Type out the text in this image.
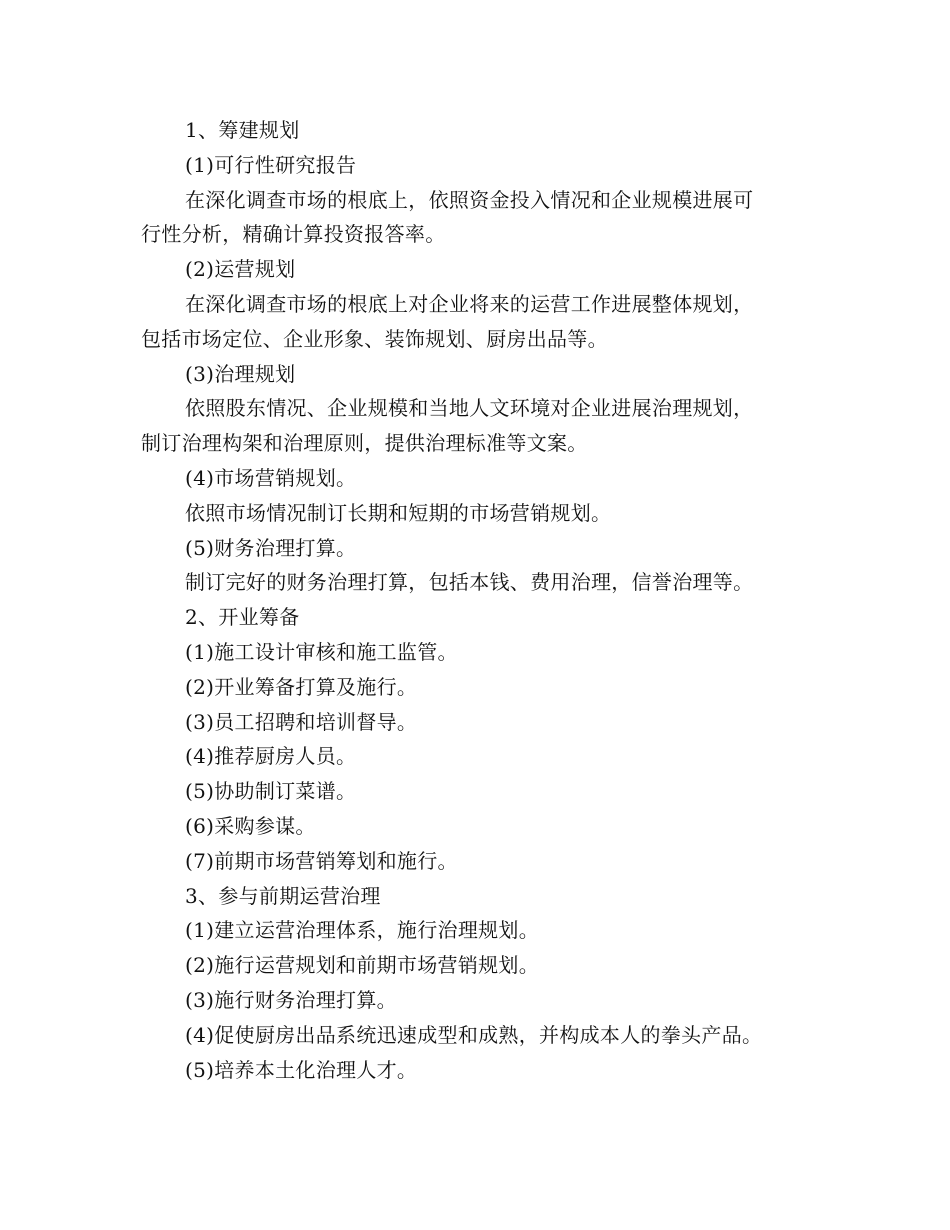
1、筹建规划
(1)可行性研究报告
在深化调查市场的根底上，依照资金投入情况和企业规模进展可
行性分析，精确计算投资报答率。
(2)运营规划
在深化调查市场的根底上对企业将来的运营工作进展整体规划，
包括市场定位、企业形象、装饰规划、厨房出品等。
(3)治理规划
依照股东情况、企业规模和当地人文环境对企业进展治理规划，
制订治理构架和治理原则，提供治理标准等文案。
(4)市场营销规划。
依照市场情况制订长期和短期的市场营销规划。
(5)财务治理打算。
制订完好的财务治理打算，包括本钱、费用治理，信誉治理等。
2、开业筹备
(1)施工设计审核和施工监管。
(2)开业筹备打算及施行。
(3)员工招聘和培训督导。
(4)推荐厨房人员。
(5)协助制订菜谱。
(6)采购参谋。
(7)前期市场营销筹划和施行。
3、参与前期运营治理
(1)建立运营治理体系，施行治理规划。
(2)施行运营规划和前期市场营销规划。
(3)施行财务治理打算。
(4)促使厨房出品系统迅速成型和成熟，并构成本人的拳头产品。
(5)培养本土化治理人才。
